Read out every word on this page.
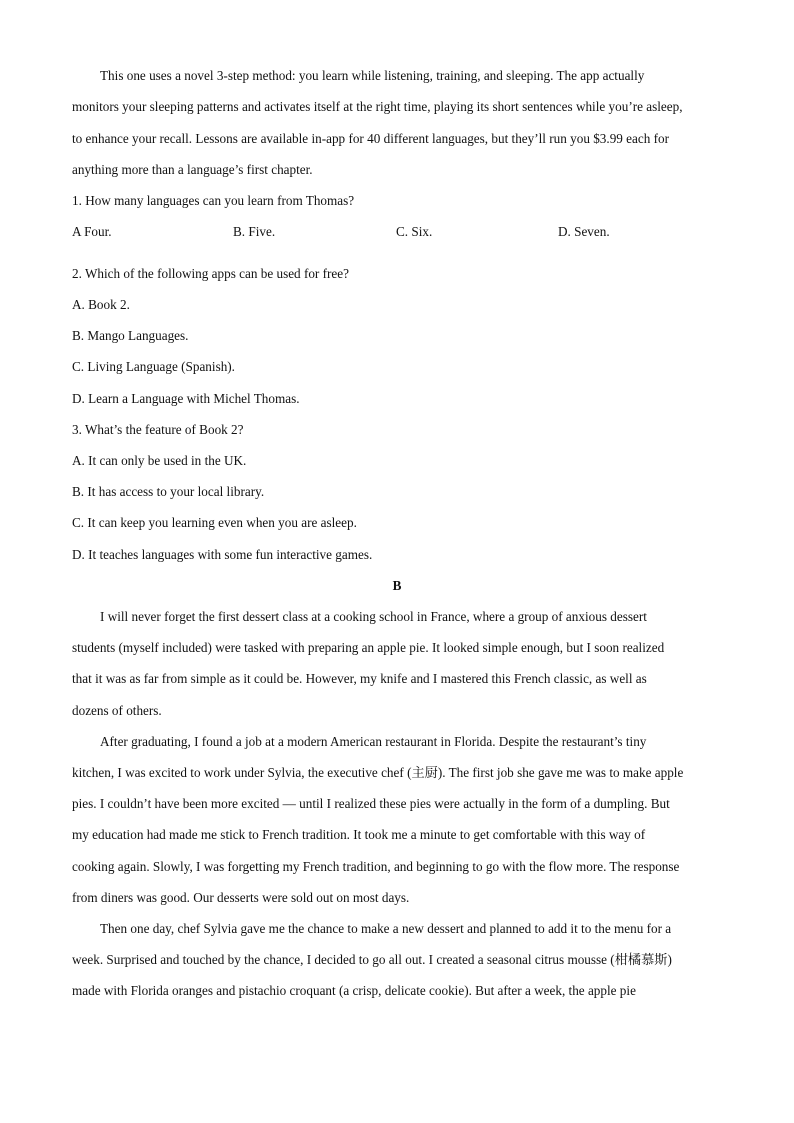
This one uses a novel 3-step method: you learn while listening, training, and sleeping. The app actually
monitors your sleeping patterns and activates itself at the right time, playing its short sentences while you’re asleep,
to enhance your recall. Lessons are available in-app for 40 different languages, but they’ll run you $3.99 each for
anything more than a language’s first chapter.
1. How many languages can you learn from Thomas?
A Four.	B. Five.	C. Six.	D. Seven.
2. Which of the following apps can be used for free?
A. Book 2.
B. Mango Languages.
C. Living Language (Spanish).
D. Learn a Language with Michel Thomas.
3. What’s the feature of Book 2?
A. It can only be used in the UK.
B. It has access to your local library.
C. It can keep you learning even when you are asleep.
D. It teaches languages with some fun interactive games.
B
I will never forget the first dessert class at a cooking school in France, where a group of anxious dessert
students (myself included) were tasked with preparing an apple pie. It looked simple enough, but I soon realized
that it was as far from simple as it could be. However, my knife and I mastered this French classic, as well as
dozens of others.
After graduating, I found a job at a modern American restaurant in Florida. Despite the restaurant’s tiny
kitchen, I was excited to work under Sylvia, the executive chef (主厨). The first job she gave me was to make apple
pies. I couldn’t have been more excited — until I realized these pies were actually in the form of a dumpling. But
my education had made me stick to French tradition. It took me a minute to get comfortable with this way of
cooking again. Slowly, I was forgetting my French tradition, and beginning to go with the flow more. The response
from diners was good. Our desserts were sold out on most days.
Then one day, chef Sylvia gave me the chance to make a new dessert and planned to add it to the menu for a
week. Surprised and touched by the chance, I decided to go all out. I created a seasonal citrus mousse (柑橘慕斯)
made with Florida oranges and pistachio croquant (a crisp, delicate cookie). But after a week, the apple pie
